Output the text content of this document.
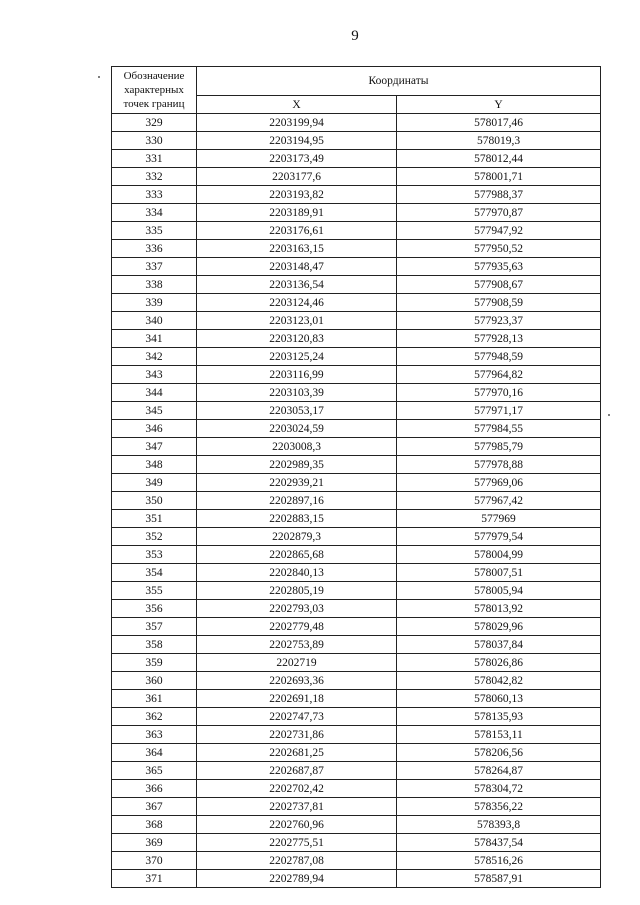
9
Обозначение характерных точек границ	Координаты	
	X	Y
329	2203199,94	578017,46
330	2203194,95	578019,3
331	2203173,49	578012,44
332	2203177,6	578001,71
333	2203193,82	577988,37
334	2203189,91	577970,87
335	2203176,61	577947,92
336	2203163,15	577950,52
337	2203148,47	577935,63
338	2203136,54	577908,67
339	2203124,46	577908,59
340	2203123,01	577923,37
341	2203120,83	577928,13
342	2203125,24	577948,59
343	2203116,99	577964,82
344	2203103,39	577970,16
345	2203053,17	577971,17
346	2203024,59	577984,55
347	2203008,3	577985,79
348	2202989,35	577978,88
349	2202939,21	577969,06
350	2202897,16	577967,42
351	2202883,15	577969
352	2202879,3	577979,54
353	2202865,68	578004,99
354	2202840,13	578007,51
355	2202805,19	578005,94
356	2202793,03	578013,92
357	2202779,48	578029,96
358	2202753,89	578037,84
359	2202719	578026,86
360	2202693,36	578042,82
361	2202691,18	578060,13
362	2202747,73	578135,93
363	2202731,86	578153,11
364	2202681,25	578206,56
365	2202687,87	578264,87
366	2202702,42	578304,72
367	2202737,81	578356,22
368	2202760,96	578393,8
369	2202775,51	578437,54
370	2202787,08	578516,26
371	2202789,94	578587,91
